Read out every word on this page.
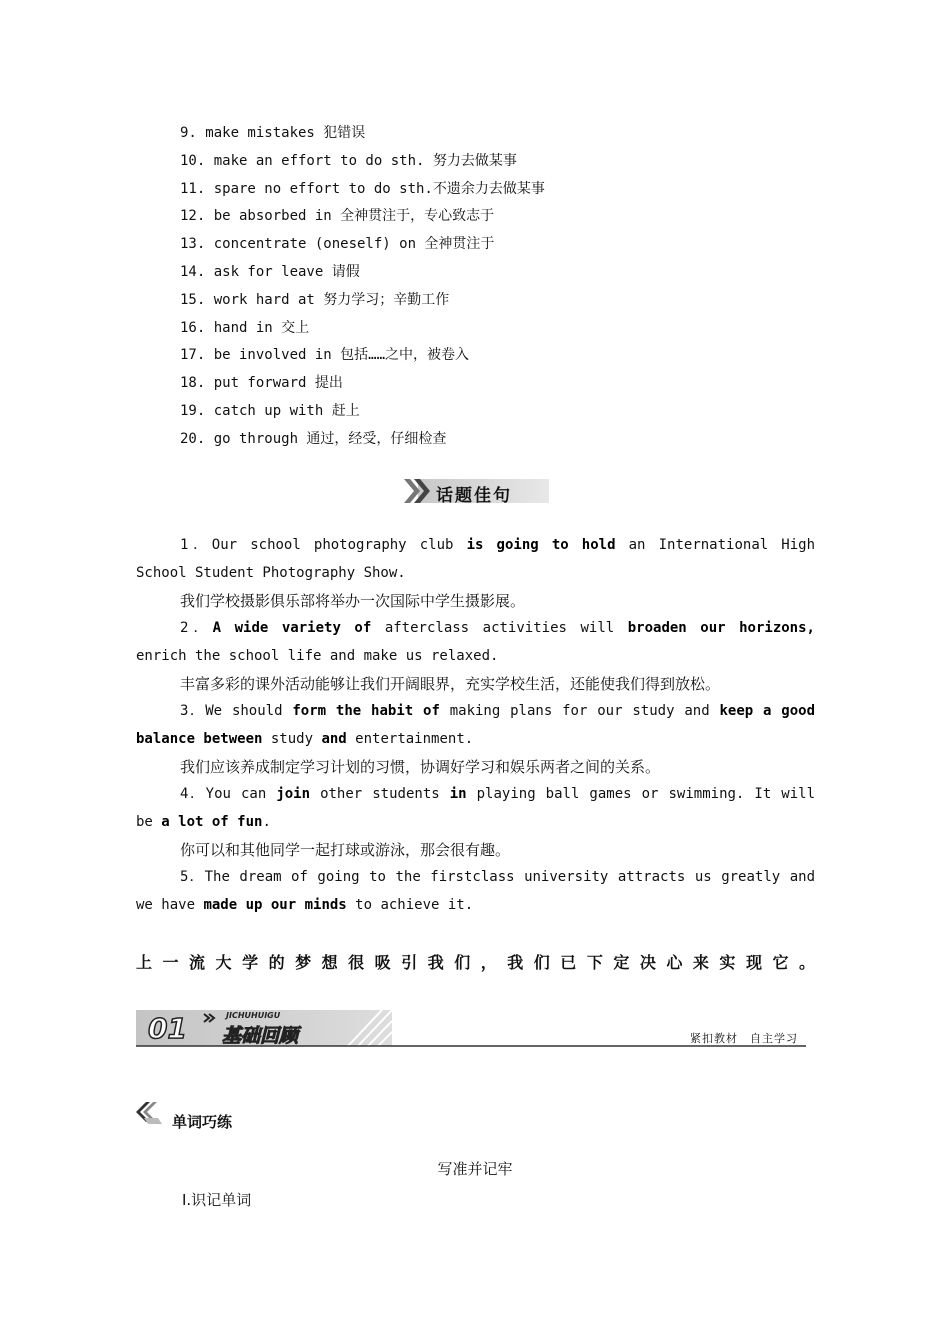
9. make mistakes 犯错误
10. make an effort to do sth. 努力去做某事
11. spare no effort to do sth.不遗余力去做某事
12. be absorbed in 全神贯注于，专心致志于
13. concentrate (oneself) on 全神贯注于
14. ask for leave 请假
15. work hard at 努力学习；辛勤工作
16. hand in 交上
17. be involved in 包括……之中，被卷入
18. put forward 提出
19. catch up with 赶上
20. go through 通过，经受，仔细检查
话题佳句
1．Our school photography club is going to hold an International High
School Student Photography Show.
我们学校摄影俱乐部将举办一次国际中学生摄影展。
2．A wide variety of afterclass activities will broaden our horizons,
enrich the school life and make us relaxed.
丰富多彩的课外活动能够让我们开阔眼界，充实学校生活，还能使我们得到放松。
3．We should form the habit of making plans for our study and keep a good
balance between study and entertainment.
我们应该养成制定学习计划的习惯，协调好学习和娱乐两者之间的关系。
4．You can join other students in playing ball games or swimming. It will
be a lot of fun.
你可以和其他同学一起打球或游泳，那会很有趣。
5．The dream of going to the firstclass university attracts us greatly and
we have made up our minds to achieve it.
上一流大学的梦想很吸引我们，我们已下定决心来实现它。
01	JICHUHUIGU
基础回顾	紧扣教材　自主学习
单词巧练
写准并记牢
Ⅰ.识记单词
